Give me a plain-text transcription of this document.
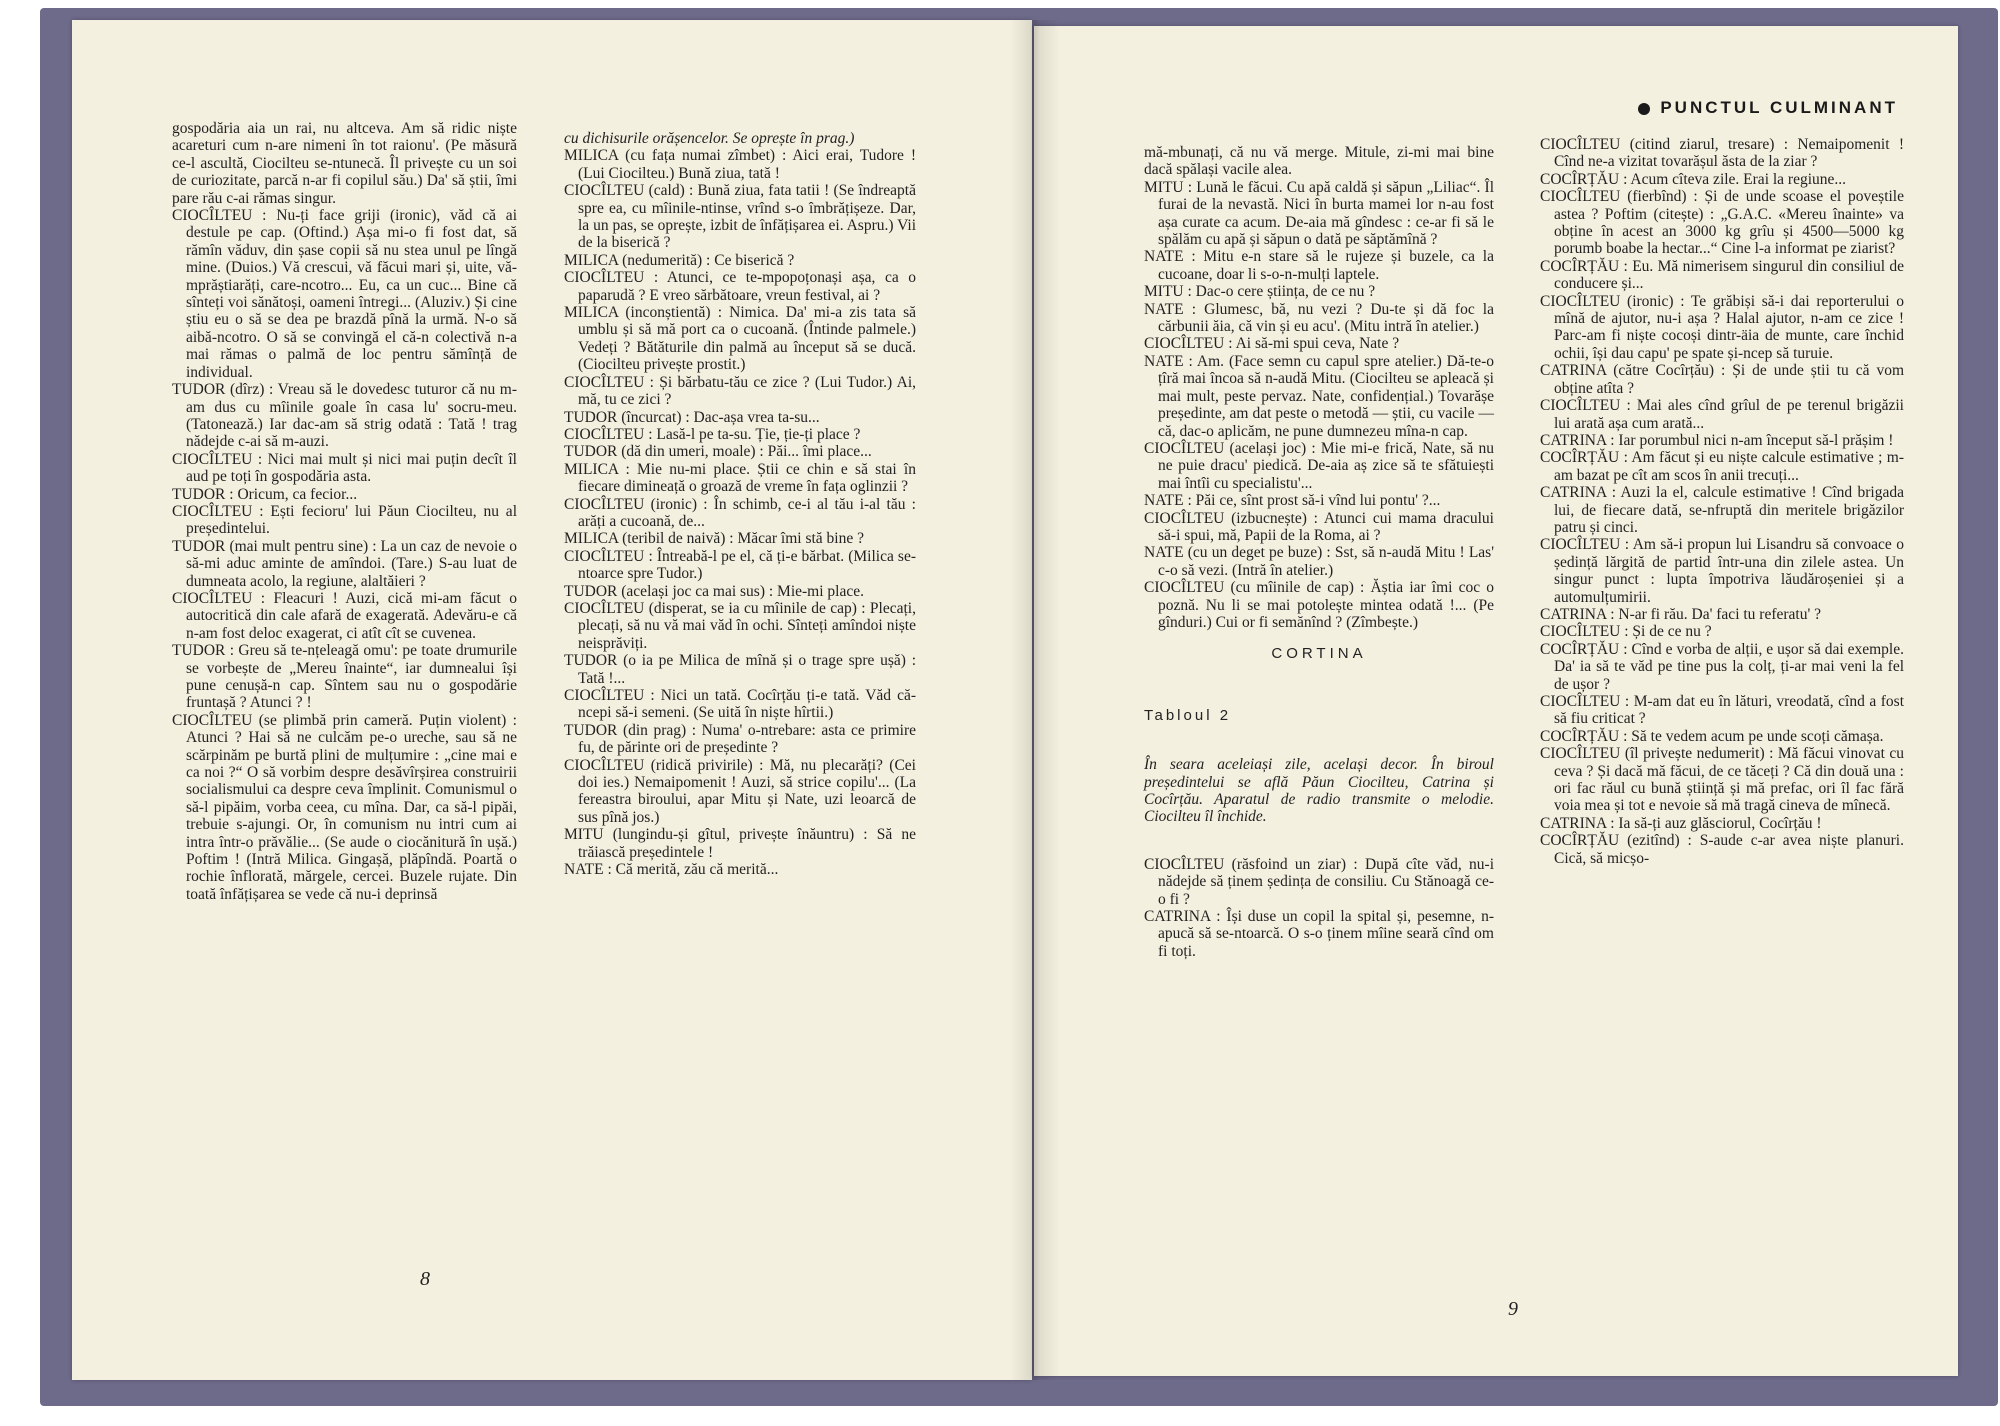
gospodăria aia un rai, nu altceva. Am să ridic niște acareturi cum n-are nimeni în tot raionu'. (Pe măsură ce-l ascultă, Ciocilteu se-ntunecă. Îl privește cu un soi de curiozitate, parcă n-ar fi copilul său.) Da' să știi, îmi pare rău c-ai rămas singur.

CIOCÎLTEU : Nu-ți face griji (ironic), văd că ai destule pe cap. (Oftind.) Așa mi-o fi fost dat, să rămîn văduv, din șase copii să nu stea unul pe lîngă mine. (Duios.) Vă crescui, vă făcui mari și, uite, vă-mprăștiarăți, care-ncotro... Eu, ca un cuc... Bine că sînteți voi sănătoși, oameni întregi... (Aluziv.) Și cine știu eu o să se dea pe brazdă pînă la urmă. N-o să aibă-ncotro. O să se convingă el că-n colectivă n-a mai rămas o palmă de loc pentru sămînță de individual.

TUDOR (dîrz) : Vreau să le dovedesc tuturor că nu m-am dus cu mîinile goale în casa lu' socru-meu. (Tatonează.) Iar dac-am să strig odată : Tată ! trag nădejde c-ai să m-auzi.

CIOCÎLTEU : Nici mai mult și nici mai puțin decît îl aud pe toți în gospodăria asta.

TUDOR : Oricum, ca fecior...

CIOCÎLTEU : Ești fecioru' lui Păun Ciocilteu, nu al președintelui.

TUDOR (mai mult pentru sine) : La un caz de nevoie o să-mi aduc aminte de amîndoi. (Tare.) S-au luat de dumneata acolo, la regiune, alaltăieri ?

CIOCÎLTEU : Fleacuri ! Auzi, cică mi-am făcut o autocritică din cale afară de exagerată. Adevăru-e că n-am fost deloc exagerat, ci atît cît se cuvenea.

TUDOR : Greu să te-nțeleagă omu': pe toate drumurile se vorbește de „Mereu înainte“, iar dumnealui își pune cenușă-n cap. Sîntem sau nu o gospodărie fruntașă ? Atunci ? !

CIOCÎLTEU (se plimbă prin cameră. Puțin violent) : Atunci ? Hai să ne culcăm pe-o ureche, sau să ne scărpinăm pe burtă plini de mulțumire : „cine mai e ca noi ?“ O să vorbim despre desăvîrșirea construirii socialismului ca despre ceva împlinit. Comunismul o să-l pipăim, vorba ceea, cu mîna. Dar, ca să-l pipăi, trebuie s-ajungi. Or, în comunism nu intri cum ai intra într-o prăvălie... (Se aude o ciocănitură în ușă.) Poftim ! (Intră Milica. Gingașă, plăpîndă. Poartă o rochie înflorată, mărgele, cercei. Buzele rujate. Din toată înfățișarea se vede că nu-i deprinsă

cu dichisurile orășencelor. Se oprește în prag.)

MILICA (cu fața numai zîmbet) : Aici erai, Tudore ! (Lui Ciocilteu.) Bună ziua, tată !

CIOCÎLTEU (cald) : Bună ziua, fata tatii ! (Se îndreaptă spre ea, cu mîinile-ntinse, vrînd s-o îmbrățișeze. Dar, la un pas, se oprește, izbit de înfățișarea ei. Aspru.) Vii de la biserică ?

MILICA (nedumerită) : Ce biserică ?

CIOCÎLTEU : Atunci, ce te-mpopoțonași așa, ca o paparudă ? E vreo sărbătoare, vreun festival, ai ?

MILICA (inconștientă) : Nimica. Da' mi-a zis tata să umblu și să mă port ca o cucoană. (Întinde palmele.) Vedeți ? Bătăturile din palmă au început să se ducă. (Ciocilteu privește prostit.)

CIOCÎLTEU : Și bărbatu-tău ce zice ? (Lui Tudor.) Ai, mă, tu ce zici ?

TUDOR (încurcat) : Dac-așa vrea ta-su...

CIOCÎLTEU : Lasă-l pe ta-su. Ție, ție-ți place ?

TUDOR (dă din umeri, moale) : Păi... îmi place...

MILICA : Mie nu-mi place. Știi ce chin e să stai în fiecare dimineață o groază de vreme în fața oglinzii ?

CIOCÎLTEU (ironic) : În schimb, ce-i al tău i-al tău : arăți a cucoană, de...

MILICA (teribil de naivă) : Măcar îmi stă bine ?

CIOCÎLTEU : Întreabă-l pe el, că ți-e bărbat. (Milica se-ntoarce spre Tudor.)

TUDOR (același joc ca mai sus) : Mie-mi place.

CIOCÎLTEU (disperat, se ia cu mîinile de cap) : Plecați, plecați, să nu vă mai văd în ochi. Sînteți amîndoi niște neisprăviți.

TUDOR (o ia pe Milica de mînă și o trage spre ușă) : Tată !...

CIOCÎLTEU : Nici un tată. Cocîrțău ți-e tată. Văd că-ncepi să-i semeni. (Se uită în niște hîrtii.)

TUDOR (din prag) : Numa' o-ntrebare: asta ce primire fu, de părinte ori de președinte ?

CIOCÎLTEU (ridică privirile) : Mă, nu plecarăți? (Cei doi ies.) Nemaipomenit ! Auzi, să strice copilu'... (La fereastra biroului, apar Mitu și Nate, uzi leoarcă de sus pînă jos.)

MITU (lungindu-și gîtul, privește înăuntru) : Să ne trăiască președintele !

NATE : Că merită, zău că merită...

8
PUNCTUL CULMINANT

mă-mbunați, că nu vă merge. Mitule, zi-mi mai bine dacă spălași vacile alea.

MITU : Lună le făcui. Cu apă caldă și săpun „Liliac“. Îl furai de la nevastă. Nici în burta mamei lor n-au fost așa curate ca acum. De-aia mă gîndesc : ce-ar fi să le spălăm cu apă și săpun o dată pe săptămînă ?

NATE : Mitu e-n stare să le rujeze și buzele, ca la cucoane, doar li s-o-n-mulți laptele.

MITU : Dac-o cere știința, de ce nu ?

NATE : Glumesc, bă, nu vezi ? Du-te și dă foc la cărbunii ăia, că vin și eu acu'. (Mitu intră în atelier.)

CIOCÎLTEU : Ai să-mi spui ceva, Nate ?

NATE : Am. (Face semn cu capul spre atelier.) Dă-te-o țîră mai încoa să n-audă Mitu. (Ciocilteu se apleacă și mai mult, peste pervaz. Nate, confidențial.) Tovarășe președinte, am dat peste o metodă — știi, cu vacile — că, dac-o aplicăm, ne pune dumnezeu mîna-n cap.

CIOCÎLTEU (același joc) : Mie mi-e frică, Nate, să nu ne puie dracu' piedică. De-aia aș zice să te sfătuiești mai întîi cu specialistu'...

NATE : Păi ce, sînt prost să-i vînd lui pontu' ?...

CIOCÎLTEU (izbucnește) : Atunci cui mama dracului să-i spui, mă, Papii de la Roma, ai ?

NATE (cu un deget pe buze) : Sst, să n-audă Mitu ! Las' c-o să vezi. (Intră în atelier.)

CIOCÎLTEU (cu mîinile de cap) : Ăștia iar îmi coc o poznă. Nu li se mai potolește mintea odată !... (Pe gînduri.) Cui or fi semănînd ? (Zîmbește.)

CORTINA

Tabloul 2

În seara aceleiași zile, același decor. În biroul președintelui se află Păun Ciocilteu, Catrina și Cocîrțău. Aparatul de radio transmite o melodie. Ciocilteu îl închide.

CIOCÎLTEU (răsfoind un ziar) : După cîte văd, nu-i nădejde să ținem ședința de consiliu. Cu Stănoagă ce-o fi ?

CATRINA : Își duse un copil la spital și, pesemne, n-apucă să se-ntoarcă. O s-o ținem mîine seară cînd om fi toți.

CIOCÎLTEU (citind ziarul, tresare) : Nemaipomenit ! Cînd ne-a vizitat tovarășul ăsta de la ziar ?

COCÎRȚĂU : Acum cîteva zile. Erai la regiune...

CIOCÎLTEU (fierbînd) : Și de unde scoase el poveștile astea ? Poftim (citește) : „G.A.C. «Mereu înainte» va obține în acest an 3000 kg grîu și 4500—5000 kg porumb boabe la hectar...“ Cine l-a informat pe ziarist?

COCÎRȚĂU : Eu. Mă nimerisem singurul din consiliul de conducere și...

CIOCÎLTEU (ironic) : Te grăbiși să-i dai reporterului o mînă de ajutor, nu-i așa ? Halal ajutor, n-am ce zice ! Parc-am fi niște cocoși dintr-äia de munte, care închid ochii, își dau capu' pe spate și-ncep să turuie.

CATRINA (către Cocîrțău) : Și de unde știi tu că vom obține atîta ?

CIOCÎLTEU : Mai ales cînd grîul de pe terenul brigăzii lui arată așa cum arată...

CATRINA : Iar porumbul nici n-am început să-l prășim !

COCÎRȚĂU : Am făcut și eu niște calcule estimative ; m-am bazat pe cît am scos în anii trecuți...

CATRINA : Auzi la el, calcule estimative ! Cînd brigada lui, de fiecare dată, se-nfruptă din meritele brigăzilor patru și cinci.

CIOCÎLTEU : Am să-i propun lui Lisandru să convoace o ședință lărgită de partid într-una din zilele astea. Un singur punct : lupta împotriva lăudăroșeniei și a automulțumirii.

CATRINA : N-ar fi rău. Da' faci tu referatu' ?

CIOCÎLTEU : Și de ce nu ?

COCÎRȚĂU : Cînd e vorba de alții, e ușor să dai exemple. Da' ia să te văd pe tine pus la colț, ți-ar mai veni la fel de ușor ?

CIOCÎLTEU : M-am dat eu în lături, vreodată, cînd a fost să fiu criticat ?

COCÎRȚĂU : Să te vedem acum pe unde scoți cămașa.

CIOCÎLTEU (îl privește nedumerit) : Mă făcui vinovat cu ceva ? Și dacă mă făcui, de ce tăceți ? Că din două una : ori fac răul cu bună știință și mă prefac, ori îl fac fără voia mea și tot e nevoie să mă tragă cineva de mînecă.

CATRINA : Ia să-ți auz glăsciorul, Cocîrțău !

COCÎRȚĂU (ezitînd) : S-aude c-ar avea niște planuri. Cică, să micșo-

9
